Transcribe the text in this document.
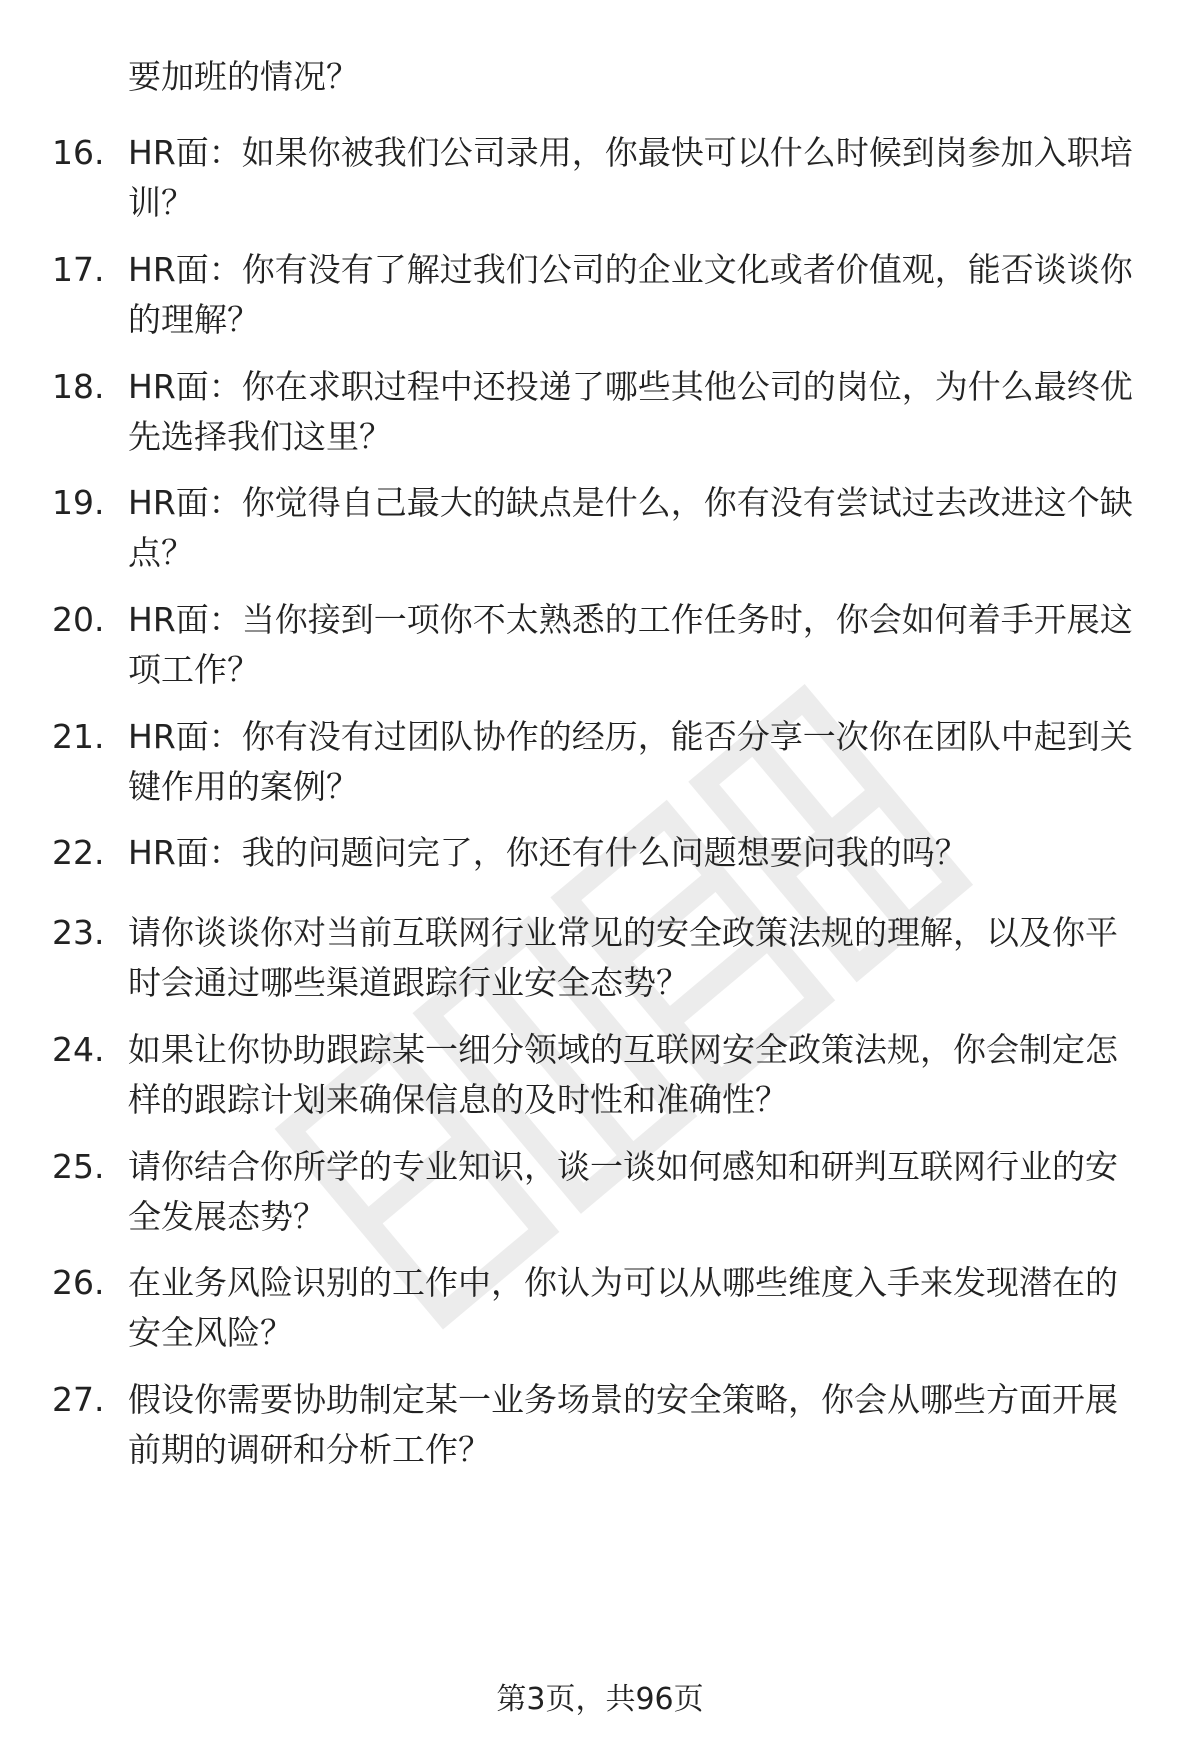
要加班的情况？

16. HR面：如果你被我们公司录用，你最快可以什么时候到岗参加入职培训？

17. HR面：你有没有了解过我们公司的企业文化或者价值观，能否谈谈你的理解？

18. HR面：你在求职过程中还投递了哪些其他公司的岗位，为什么最终优先选择我们这里？

19. HR面：你觉得自己最大的缺点是什么，你有没有尝试过去改进这个缺点？

20. HR面：当你接到一项你不太熟悉的工作任务时，你会如何着手开展这项工作？

21. HR面：你有没有过团队协作的经历，能否分享一次你在团队中起到关键作用的案例？

22. HR面：我的问题问完了，你还有什么问题想要问我的吗？

23. 请你谈谈你对当前互联网行业常见的安全政策法规的理解，以及你平时会通过哪些渠道跟踪行业安全态势？

24. 如果让你协助跟踪某一细分领域的互联网安全政策法规，你会制定怎样的跟踪计划来确保信息的及时性和准确性？

25. 请你结合你所学的专业知识，谈一谈如何感知和研判互联网行业的安全发展态势？

26. 在业务风险识别的工作中，你认为可以从哪些维度入手来发现潜在的安全风险？

27. 假设你需要协助制定某一业务场景的安全策略，你会从哪些方面开展前期的调研和分析工作？

第3页，共96页
